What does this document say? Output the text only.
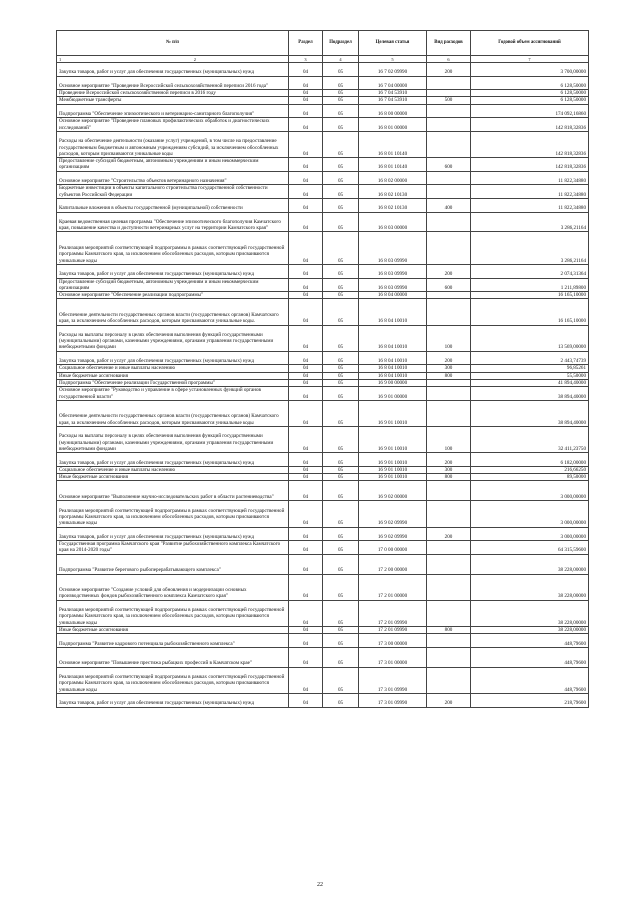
№ п/п	Раздел	Подраздел	Целевая статья	Вид расходов	Годовой объем ассигнований
1 2	3	4	5	6	7
Закупка товаров, работ и услуг для обеспечения государственных (муниципальных) нужд	04	05	16 7 02 09990	200	3 700,00000
Основное мероприятие "Проведение Всероссийской сельскохозяйственной переписи 2016 года"	04	05	16 7 04 00000		6 128,50000
Проведение Всероссийской сельскохозяйственной переписи в 2016 году	04	05	16 7 04 53910		6 128,50000
Межбюджетные трансферты	04	05	16 7 04 53910	500	6 128,50000
Подпрограмма "Обеспечение эпизоотического и ветеринарно-санитарного благополучия"	04	05	16 8 00 00000		174 092,16860
Основное мероприятие "Проведение плановых профилактических обработок и диагностических исследований"	04	05	16 8 01 00000		142 818,32836
Расходы на обеспечение деятельности (оказание услуг) учреждений, в том числе на предоставление государственным бюджетным и автономным учреждениям субсидий, за исключением обособленных расходов, которым присваиваются уникальные коды	04	05	16 8 01 10140		142 818,32836
Предоставление субсидий бюджетным, автономным учреждениям и иным некоммерческим организациям	04	05	16 8 01 10140	600	142 818,32836
Основное мероприятие "Строительство объектов ветеринарного назначения"	04	05	16 8 02 00000		11 822,34880
Бюджетные инвестиции в объекты капитального строительства государственной собственности субъектов Российской Федерации	04	05	16 8 02 10130		11 822,34880
Капитальные вложения в объекты государственной (муниципальной) собственности	04	05	16 8 02 10130	400	11 822,34880
Краевая ведомственная целевая программа "Обеспечение эпизоотического благополучия Камчатского края, повышение качества и доступности ветеринарных услуг на территории Камчатского края"	04	05	16 8 03 00000		3 286,21164
Реализация мероприятий соответствующей подпрограммы в рамках соответствующей государственной программы Камчатского края, за исключением обособленных расходов, которым присваиваются уникальные коды	04	05	16 8 03 09990		3 286,21164
Закупка товаров, работ и услуг для обеспечения государственных (муниципальных) нужд	04	05	16 8 03 09990	200	2 074,31364
Предоставление субсидий бюджетным, автономным учреждениям и иным некоммерческим организациям	04	05	16 8 03 09990	600	1 211,89800
Основное мероприятие "Обеспечение реализации подпрограммы"	04	05	16 8 04 00000		16 165,10000
Обеспечение деятельности государственных органов власти (государственных органов) Камчатского края, за исключением обособленных расходов, которым присваиваются уникальные коды.	04	05	16 8 04 10010		16 165,10000
Расходы на выплаты персоналу в целях обеспечения выполнения функций государственными (муниципальными) органами, казенными учреждениями, органами управления государственными внебюджетными фондами	04	05	16 8 04 10010	100	13 569,00000
Закупка товаров, работ и услуг для обеспечения государственных (муниципальных) нужд	04	05	16 8 04 10010	200	2 443,74739
Социальное обеспечение и иные выплаты населению	04	05	16 8 04 10010	300	96,85261
Иные бюджетные ассигнования	04	05	16 8 04 10010	800	55,50000
Подпрограмма "Обеспечение реализации Государственной программы"	04	05	16 9 00 00000		41 894,40000
Основное мероприятие "Руководство и управление в сфере установленных функций органов государственной власти"	04	05	16 9 01 00000		38 894,40000
Обеспечение деятельности государственных органов власти (государственных органов) Камчатского края, за исключением обособленных расходов, которым присваиваются уникальные коды	04	05	16 9 01 10010		38 894,40000
Расходы на выплаты персоналу в целях обеспечения выполнения функций государственными (муниципальными) органами, казенными учреждениями, органами управления государственными внебюджетными фондами	04	05	16 9 01 10010	100	32 411,23750
Закупка товаров, работ и услуг для обеспечения государственных (муниципальных) нужд	04	05	16 9 01 10010	200	6 182,00000
Социальное обеспечение и иные выплаты населению	04	05	16 9 01 10010	300	216,66250
Иные бюджетные ассигнования	04	05	16 9 01 10010	800	89,50000
Основное мероприятие "Выполнение научно-исследовательских работ в области растениеводства"	04	05	16 9 02 00000		3 000,00000
Реализация мероприятий соответствующей подпрограммы в рамках соответствующей государственной программы Камчатского края, за исключением обособленных расходов, которым присваиваются уникальные коды	04	05	16 9 02 09990		3 000,00000
Закупка товаров, работ и услуг для обеспечения государственных (муниципальных) нужд	04	05	16 9 02 09990	200	3 000,00000
Государственная программа Камчатского края "Развитие рыбохозяйственного комплекса Камчатского края на 2014-2020 годы"	04	05	17 0 00 00000		64 315,59600
Подпрограмма "Развитие берегового рыбоперерабатывающего комплекса"	04	05	17 2 00 00000		38 228,00000
Основное мероприятие "Создание условий для обновления и модернизации основных производственных фондов рыбохозяйственного комплекса Камчатского края"	04	05	17 2 01 00000		38 228,00000
Реализация мероприятий соответствующей подпрограммы в рамках соответствующей государственной программы Камчатского края, за исключением обособленных расходов, которым присваиваются уникальные коды	04	05	17 2 01 09990		38 228,00000
Иные бюджетные ассигнования	04	05	17 2 01 09990	800	38 228,00000
Подпрограмма "Развитие кадрового потенциала рыбохозяйственного комплекса"	04	05	17 3 00 00000		448,79600
Основное мероприятие "Повышение престижа рыбацких профессий в Камчатском крае"	04	05	17 3 01 00000		448,79600
Реализация мероприятий соответствующей подпрограммы в рамках соответствующей государственной программы Камчатского края, за исключением обособленных расходов, которым присваиваются уникальные коды	04	05	17 3 01 09990		448,79600
Закупка товаров, работ и услуг для обеспечения государственных (муниципальных) нужд	04	05	17 3 01 09990	200	218,79600
22
